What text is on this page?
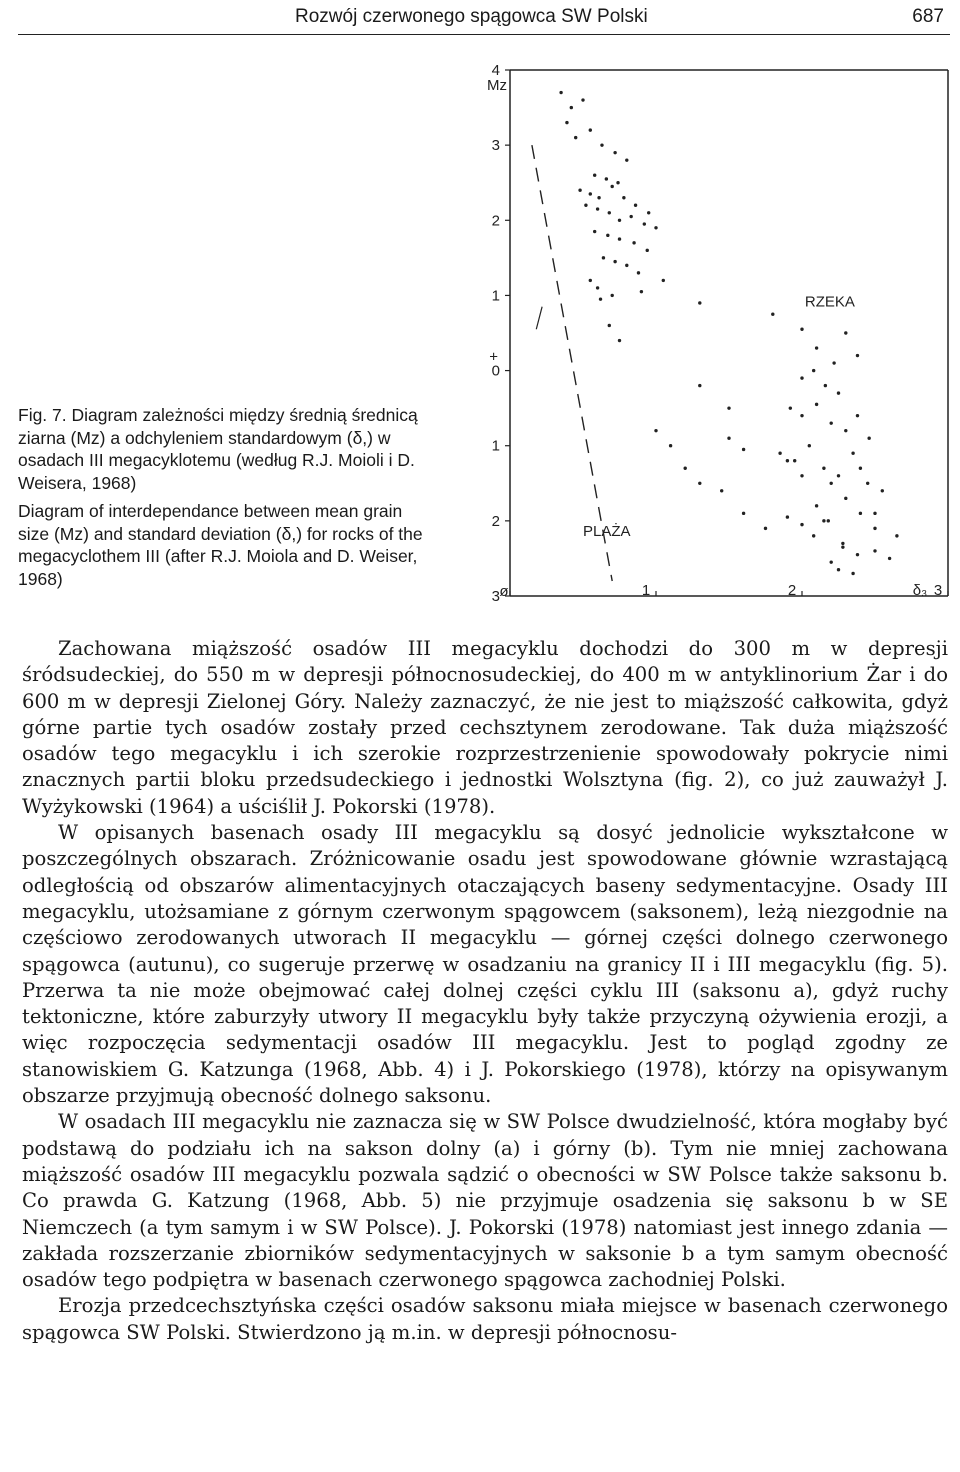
Rozwój czerwonego spągowca SW Polski	687

Fig. 7. Diagram zależności między średnią średnicą ziarna (Mz) a odchyleniem standardowym (δ,) w osadach III megacyklotemu (według R.J. Moioli i D. Weisera, 1968)

Diagram of interdependance between mean grain size (Mz) and standard deviation (δ,) for rocks of the megacyclothem III (after R.J. Moiola and D. Weiser, 1968)

4
3
2
1
0
1
2
3
+
Mz
ø	1	2	3
δ₃
RZEKA
PLAŻA

Zachowana miąższość osadów III megacyklu dochodzi do 300 m w depresji śródsudeckiej, do 550 m w depresji północnosudeckiej, do 400 m w antyklinorium Żar i do 600 m w depresji Zielonej Góry. Należy zaznaczyć, że nie jest to miąższość całkowita, gdyż górne partie tych osadów zostały przed cechsztynem zerodowane. Tak duża miąższość osadów tego megacyklu i ich szerokie rozprzestrzenienie spowodowały pokrycie nimi znacznych partii bloku przedsudeckiego i jednostki Wolsztyna (fig. 2), co już zauważył J. Wyżykowski (1964) a uściślił J. Pokorski (1978).

W opisanych basenach osady III megacyklu są dosyć jednolicie wykształcone w poszczególnych obszarach. Zróżnicowanie osadu jest spowodowane głównie wzrastającą odległością od obszarów alimentacyjnych otaczających baseny sedymentacyjne. Osady III megacyklu, utożsamiane z górnym czerwonym spągowcem (saksonem), leżą niezgodnie na częściowo zerodowanych utworach II megacyklu — górnej części dolnego czerwonego spągowca (autunu), co sugeruje przerwę w osadzaniu na granicy II i III megacyklu (fig. 5). Przerwa ta nie może obejmować całej dolnej części cyklu III (saksonu a), gdyż ruchy tektoniczne, które zaburzyły utwory II megacyklu były także przyczyną ożywienia erozji, a więc rozpoczęcia sedymentacji osadów III megacyklu. Jest to pogląd zgodny ze stanowiskiem G. Katzunga (1968, Abb. 4) i J. Pokorskiego (1978), którzy na opisywanym obszarze przyjmują obecność dolnego saksonu.

W osadach III megacyklu nie zaznacza się w SW Polsce dwudzielność, która mogłaby być podstawą do podziału ich na sakson dolny (a) i górny (b). Tym nie mniej zachowana miąższość osadów III megacyklu pozwala sądzić o obecności w SW Polsce także saksonu b. Co prawda G. Katzung (1968, Abb. 5) nie przyjmuje osadzenia się saksonu b w SE Niemczech (a tym samym i w SW Polsce). J. Pokorski (1978) natomiast jest innego zdania — zakłada rozszerzanie zbiorników sedymentacyjnych w saksonie b a tym samym obecność osadów tego podpiętra w basenach czerwonego spągowca zachodniej Polski.

Erozja przedcechsztyńska części osadów saksonu miała miejsce w basenach czerwonego spągowca SW Polski. Stwierdzono ją m.in. w depresji północnosu-
